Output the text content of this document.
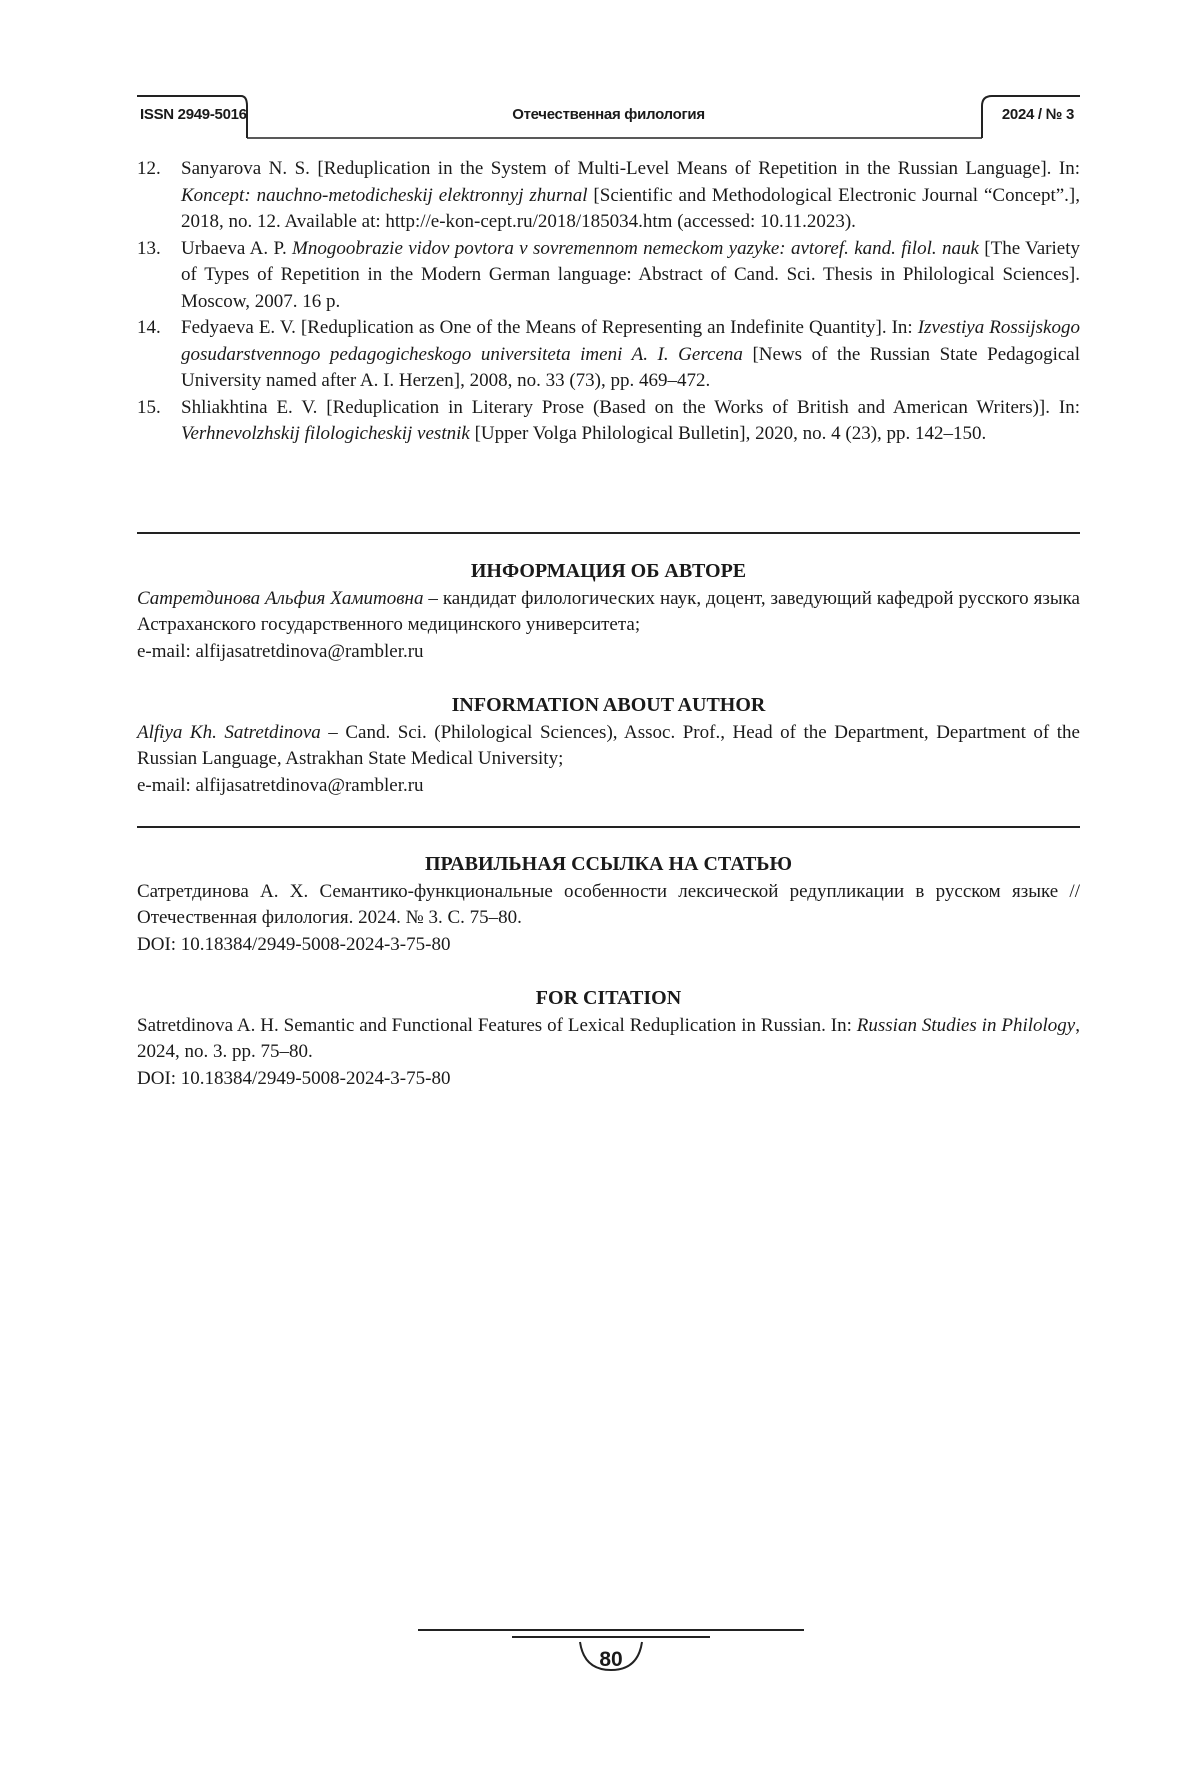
ISSN 2949-5016	Отечественная филология	2024 / № 3
12. Sanyarova N. S. [Reduplication in the System of Multi-Level Means of Repetition in the Russian Language]. In: Koncept: nauchno-metodicheskij elektronnyj zhurnal [Scientific and Methodological Electronic Journal “Concept”.], 2018, no. 12. Available at: http://e-kon-cept.ru/2018/185034.htm (accessed: 10.11.2023).
13. Urbaeva A. P. Mnogoobrazie vidov povtora v sovremennom nemeckom yazyke: avtoref. kand. filol. nauk [The Variety of Types of Repetition in the Modern German language: Abstract of Cand. Sci. Thesis in Philological Sciences]. Moscow, 2007. 16 p.
14. Fedyaeva E. V. [Reduplication as One of the Means of Representing an Indefinite Quantity]. In: Izvestiya Rossijskogo gosudarstvennogo pedagogicheskogo universiteta imeni A. I. Gercena [News of the Russian State Pedagogical University named after A. I. Herzen], 2008, no. 33 (73), pp. 469–472.
15. Shliakhtina E. V. [Reduplication in Literary Prose (Based on the Works of British and American Writers)]. In: Verhnevolzhskij filologicheskij vestnik [Upper Volga Philological Bulletin], 2020, no. 4 (23), pp. 142–150.
ИНФОРМАЦИЯ ОБ АВТОРЕ
Сатретдинова Альфия Хамитовна – кандидат филологических наук, доцент, заведующий кафедрой русского языка Астраханского государственного медицинского университета;
e-mail: alfijasatretdinova@rambler.ru
INFORMATION ABOUT AUTHOR
Alfiya Kh. Satretdinova – Cand. Sci. (Philological Sciences), Assoc. Prof., Head of the Department, Department of the Russian Language, Astrakhan State Medical University;
e-mail: alfijasatretdinova@rambler.ru
ПРАВИЛЬНАЯ ССЫЛКА НА СТАТЬЮ
Сатретдинова А. Х. Семантико-функциональные особенности лексической редупликации в русском языке // Отечественная филология. 2024. № 3. С. 75–80.
DOI: 10.18384/2949-5008-2024-3-75-80
FOR CITATION
Satretdinova A. H. Semantic and Functional Features of Lexical Reduplication in Russian. In: Russian Studies in Philology, 2024, no. 3. pp. 75–80.
DOI: 10.18384/2949-5008-2024-3-75-80
80
